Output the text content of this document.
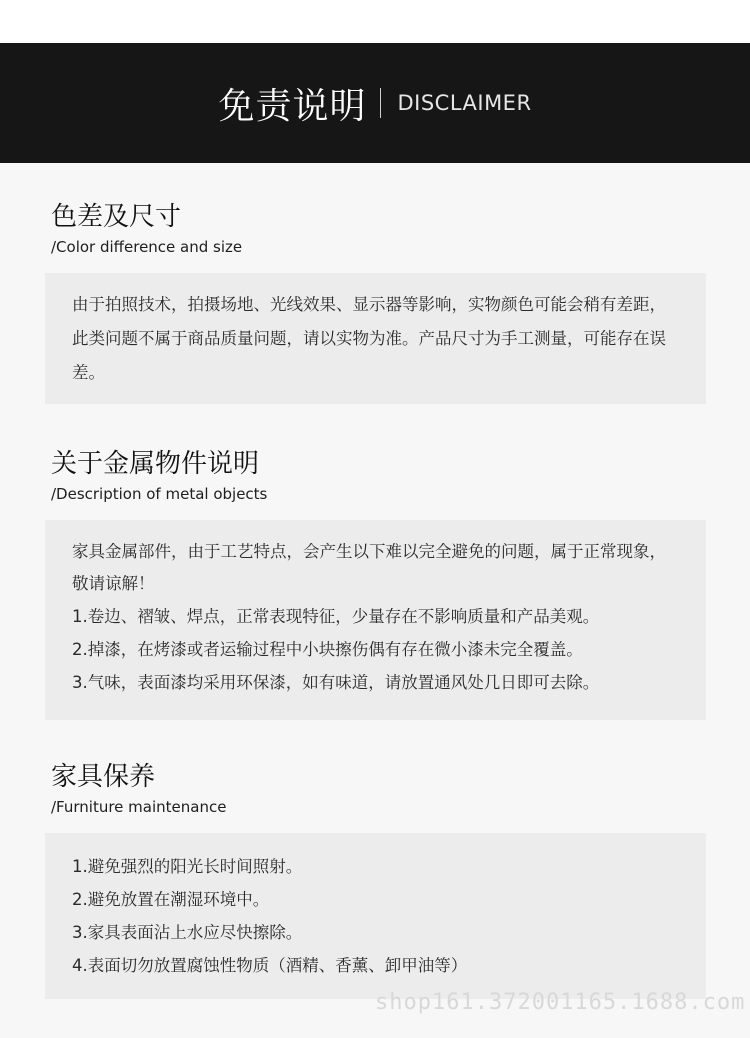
免责说明 DISCLAIMER
色差及尺寸
/Color difference and size

由于拍照技术，拍摄场地、光线效果、显示器等影响，实物颜色可能会稍有差距，此类问题不属于商品质量问题，请以实物为准。产品尺寸为手工测量，可能存在误差。

关于金属物件说明
/Description of metal objects

家具金属部件，由于工艺特点，会产生以下难以完全避免的问题，属于正常现象，敬请谅解！

1.卷边、褶皱、焊点，正常表现特征，少量存在不影响质量和产品美观。

2.掉漆，在烤漆或者运输过程中小块擦伤偶有存在微小漆未完全覆盖。

3.气味，表面漆均采用环保漆，如有味道，请放置通风处几日即可去除。

家具保养
/Furniture maintenance

1.避免强烈的阳光长时间照射。

2.避免放置在潮湿环境中。

3.家具表面沾上水应尽快擦除。

4.表面切勿放置腐蚀性物质（酒精、香薰、卸甲油等）

shop161.372001165.1688.com
